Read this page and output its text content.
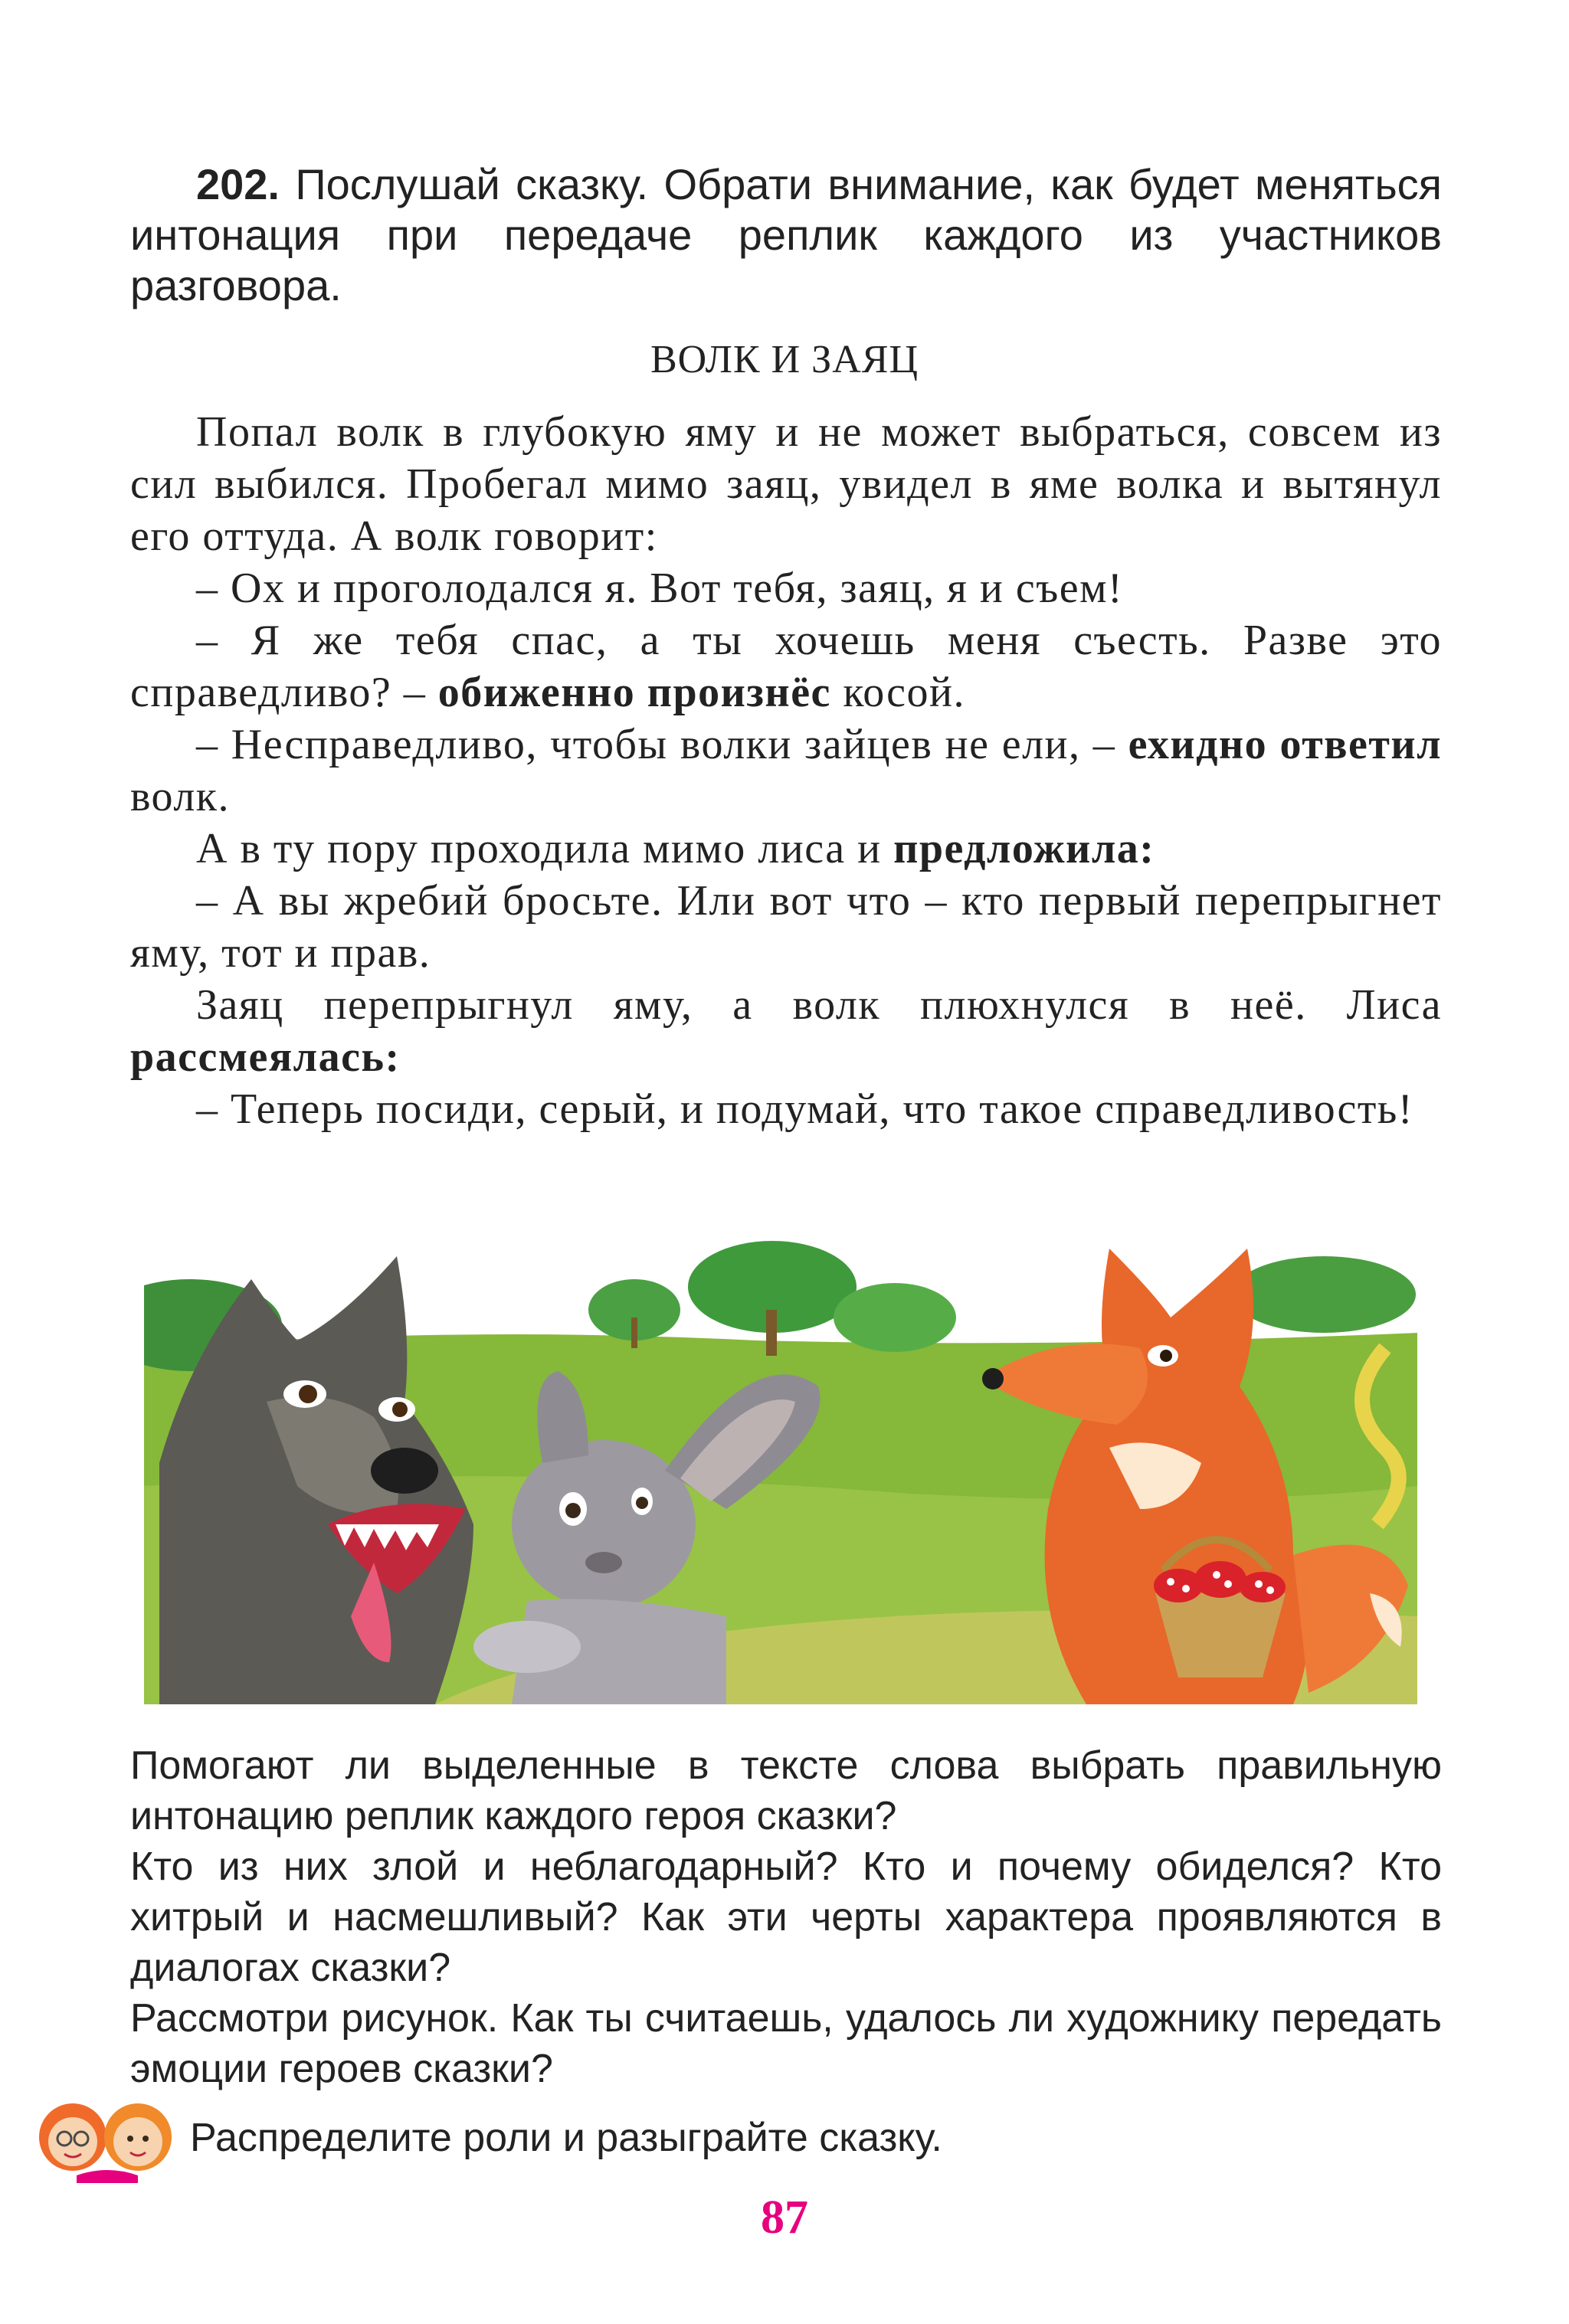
202. Послушай сказку. Обрати внимание, как будет меняться интонация при передаче реплик каждого из участников разговора.
ВОЛК И ЗАЯЦ

Попал волк в глубокую яму и не может выбраться, совсем из сил выбился. Пробегал мимо заяц, увидел в яме волка и вытянул его оттуда. А волк говорит:

– Ох и проголодался я. Вот тебя, заяц, я и съем!

– Я же тебя спас, а ты хочешь меня съесть. Разве это справедливо? – обиженно произнёс косой.

– Несправедливо, чтобы волки зайцев не ели, – ехидно ответил волк.

А в ту пору проходила мимо лиса и предложила:

– А вы жребий бросьте. Или вот что – кто первый перепрыгнет яму, тот и прав.

Заяц перепрыгнул яму, а волк плюхнулся в неё. Лиса рассмеялась:

– Теперь посиди, серый, и подумай, что такое справедливость!

Помогают ли выделенные в тексте слова выбрать правильную интонацию реплик каждого героя сказки?

Кто из них злой и неблагодарный? Кто и почему обиделся? Кто хитрый и насмешливый? Как эти черты характера проявляются в диалогах сказки?

Рассмотри рисунок. Как ты считаешь, удалось ли художнику передать эмоции героев сказки?

Распределите роли и разыграйте сказку.
87
